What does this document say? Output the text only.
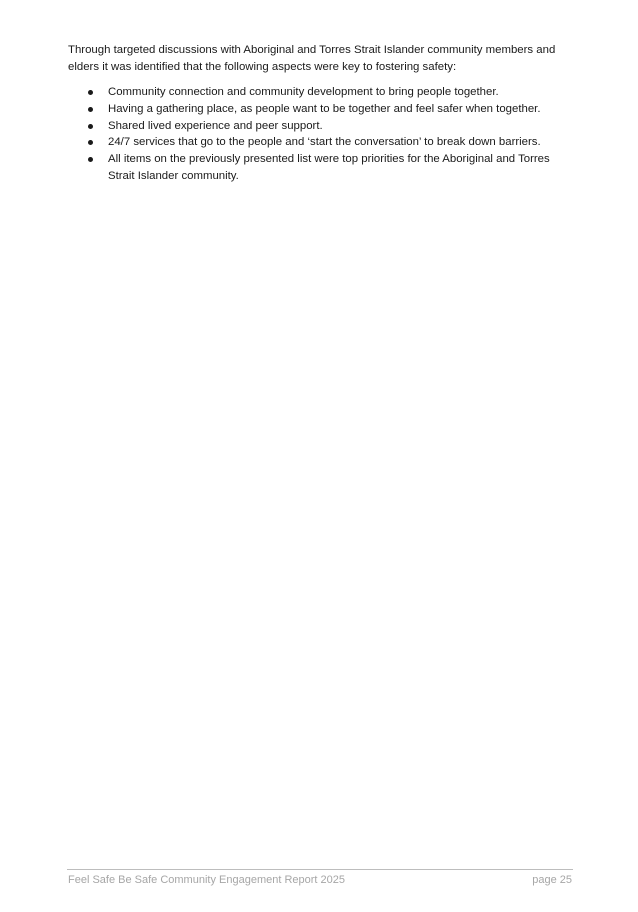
Through targeted discussions with Aboriginal and Torres Strait Islander community members and elders it was identified that the following aspects were key to fostering safety:

Community connection and community development to bring people together.
Having a gathering place, as people want to be together and feel safer when together.
Shared lived experience and peer support.
24/7 services that go to the people and ‘start the conversation’ to break down barriers.
All items on the previously presented list were top priorities for the Aboriginal and Torres Strait Islander community.
Feel Safe Be Safe Community Engagement Report 2025	page 25
